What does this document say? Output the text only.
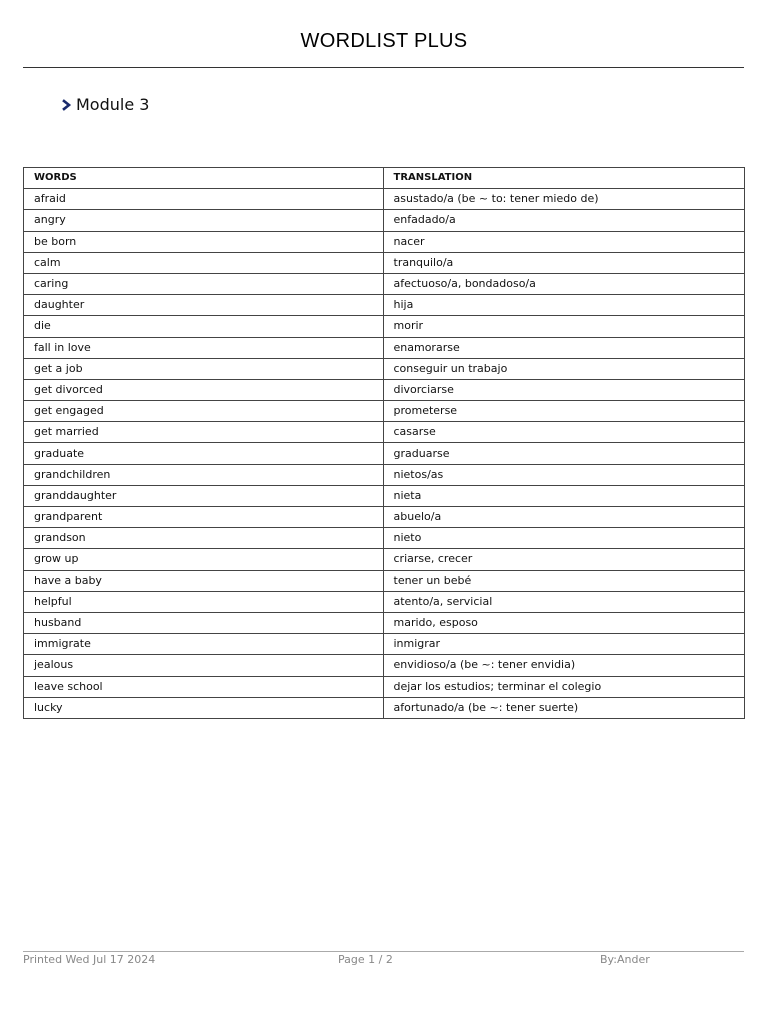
WORDLIST PLUS
Module 3
WORDS	TRANSLATION
afraid	asustado/a (be ~ to: tener miedo de)
angry	enfadado/a
be born	nacer
calm	tranquilo/a
caring	afectuoso/a, bondadoso/a
daughter	hija
die	morir
fall in love	enamorarse
get a job	conseguir un trabajo
get divorced	divorciarse
get engaged	prometerse
get married	casarse
graduate	graduarse
grandchildren	nietos/as
granddaughter	nieta
grandparent	abuelo/a
grandson	nieto
grow up	criarse, crecer
have a baby	tener un bebé
helpful	atento/a, servicial
husband	marido, esposo
immigrate	inmigrar
jealous	envidioso/a (be ~: tener envidia)
leave school	dejar los estudios; terminar el colegio
lucky	afortunado/a (be ~: tener suerte)
Printed Wed Jul 17 2024	Page 1 / 2	By:Ander
